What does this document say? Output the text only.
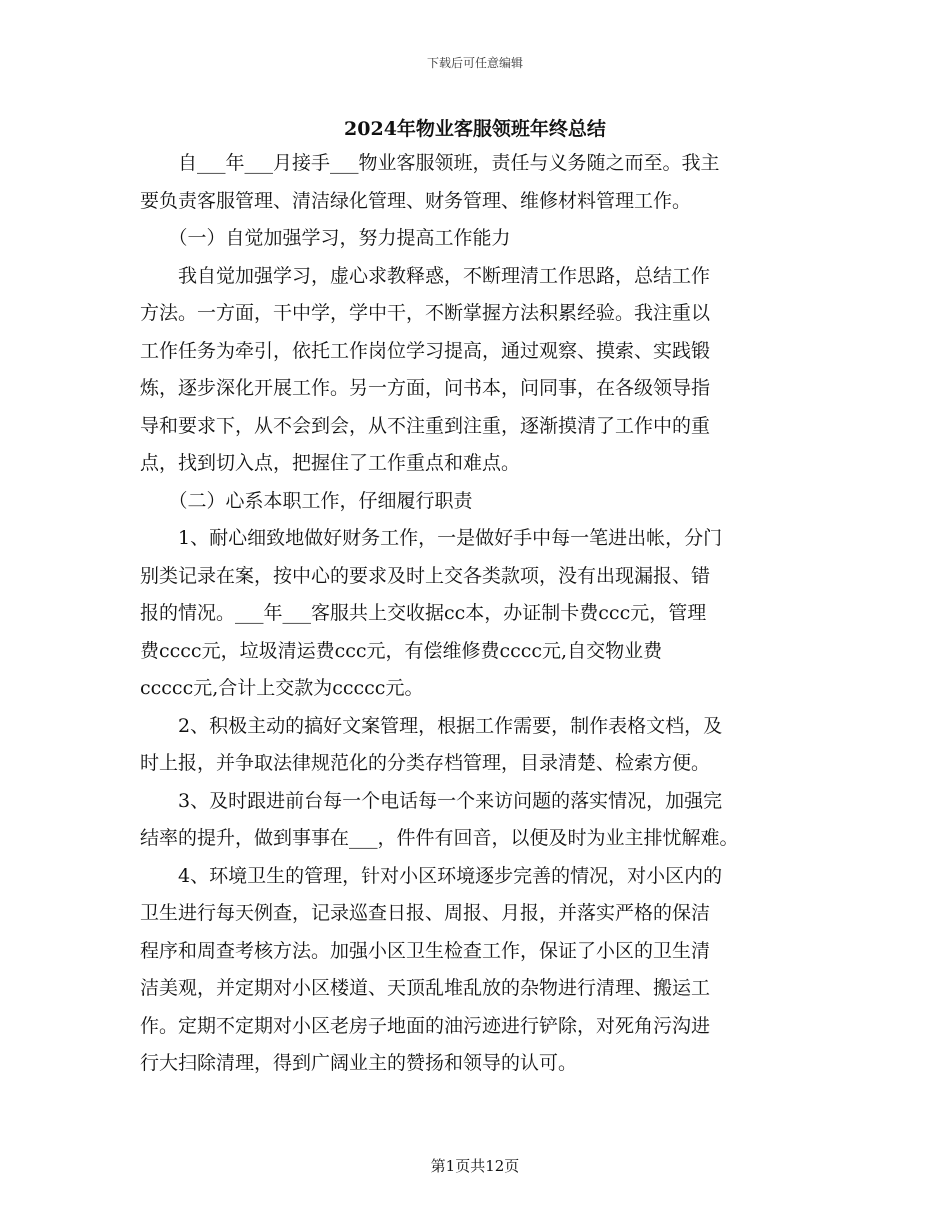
下载后可任意编辑
2024年物业客服领班年终总结
　　自___年___月接手___物业客服领班，责任与义务随之而至。我主
要负责客服管理、清洁绿化管理、财务管理、维修材料管理工作。
　　（一）自觉加强学习，努力提高工作能力
　　我自觉加强学习，虚心求教释惑，不断理清工作思路，总结工作
方法。一方面，干中学，学中干，不断掌握方法积累经验。我注重以
工作任务为牵引，依托工作岗位学习提高，通过观察、摸索、实践锻
炼，逐步深化开展工作。另一方面，问书本，问同事，在各级领导指
导和要求下，从不会到会，从不注重到注重，逐渐摸清了工作中的重
点，找到切入点，把握住了工作重点和难点。
　　（二）心系本职工作，仔细履行职责
　　1、耐心细致地做好财务工作，一是做好手中每一笔进出帐，分门
别类记录在案，按中心的要求及时上交各类款项，没有出现漏报、错
报的情况。___年___客服共上交收据cc本，办证制卡费ccc元，管理
费cccc元，垃圾清运费ccc元，有偿维修费cccc元,自交物业费
ccccc元,合计上交款为ccccc元。
　　2、积极主动的搞好文案管理，根据工作需要，制作表格文档，及
时上报，并争取法律规范化的分类存档管理，目录清楚、检索方便。
　　3、及时跟进前台每一个电话每一个来访问题的落实情况，加强完
结率的提升，做到事事在___，件件有回音，以便及时为业主排忧解难。
　　4、环境卫生的管理，针对小区环境逐步完善的情况，对小区内的
卫生进行每天例查，记录巡查日报、周报、月报，并落实严格的保洁
程序和周查考核方法。加强小区卫生检查工作，保证了小区的卫生清
洁美观，并定期对小区楼道、天顶乱堆乱放的杂物进行清理、搬运工
作。定期不定期对小区老房子地面的油污迹进行铲除，对死角污沟进
行大扫除清理，得到广阔业主的赞扬和领导的认可。
第1页共12页
